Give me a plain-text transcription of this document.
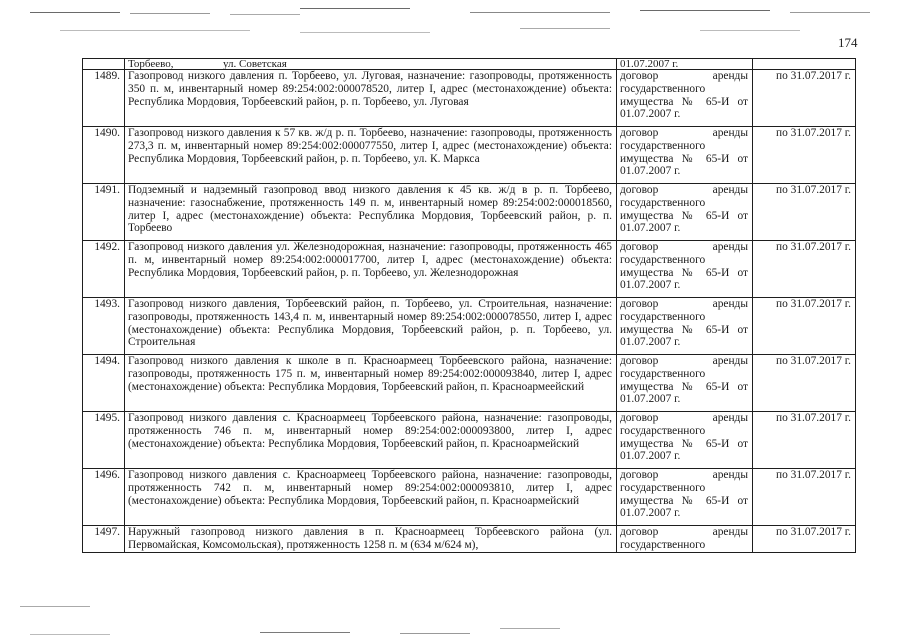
174
	Торбеево,                  ул. Советская	01.07.2007 г.	
1489.	Газопровод низкого давления п. Торбеево, ул. Луговая, назначение: газопроводы, протяженность 350 п. м, инвентарный номер 89:254:002:000078520, литер I, адрес (местонахождение) объекта: Республика Мордовия, Торбеевский район, р. п. Торбеево, ул. Луговая	договор аренды государственного имущества № 65-И от 01.07.2007 г.	по 31.07.2017 г.
1490.	Газопровод низкого давления к 57 кв. ж/д р. п. Торбеево, назначение: газопроводы, протяженность 273,3 п. м, инвентарный номер 89:254:002:000077550, литер I, адрес (местонахождение) объекта: Республика Мордовия, Торбеевский район, р. п. Торбеево, ул. К. Маркса	договор аренды государственного имущества № 65-И от 01.07.2007 г.	по 31.07.2017 г.
1491.	Подземный и надземный газопровод ввод низкого давления к 45 кв. ж/д в р. п. Торбеево, назначение: газоснабжение, протяженность 149 п. м, инвентарный номер 89:254:002:000018560, литер I, адрес (местонахождение) объекта: Республика Мордовия, Торбеевский район, р. п. Торбеево	договор аренды государственного имущества № 65-И от 01.07.2007 г.	по 31.07.2017 г.
1492.	Газопровод низкого давления ул. Железнодорожная, назначение: газопроводы, протяженность 465 п. м, инвентарный номер 89:254:002:000017700, литер I, адрес (местонахождение) объекта: Республика Мордовия, Торбеевский район, р. п. Торбеево, ул. Железнодорожная	договор аренды государственного имущества № 65-И от 01.07.2007 г.	по 31.07.2017 г.
1493.	Газопровод низкого давления, Торбеевский район, п. Торбеево, ул. Строительная, назначение: газопроводы, протяженность 143,4 п. м, инвентарный номер 89:254:002:000078550, литер I, адрес (местонахождение) объекта: Республика Мордовия, Торбеевский район, р. п. Торбеево, ул. Строительная	договор аренды государственного имущества № 65-И от 01.07.2007 г.	по 31.07.2017 г.
1494.	Газопровод низкого давления к школе в п. Красноармеец Торбеевского района, назначение: газопроводы, протяженность 175 п. м, инвентарный номер 89:254:002:000093840, литер I, адрес (местонахождение) объекта: Республика Мордовия, Торбеевский район, п. Красноармеейский	договор аренды государственного имущества № 65-И от 01.07.2007 г.	по 31.07.2017 г.
1495.	Газопровод низкого давления с. Красноармеец Торбеевского района, назначение: газопроводы, протяженность 746 п. м, инвентарный номер 89:254:002:000093800, литер I, адрес (местонахождение) объекта: Республика Мордовия, Торбеевский район, п. Красноармейский	договор аренды государственного имущества № 65-И от 01.07.2007 г.	по 31.07.2017 г.
1496.	Газопровод низкого давления с. Красноармеец Торбеевского района, назначение: газопроводы, протяженность 742 п. м, инвентарный номер 89:254:002:000093810, литер I, адрес (местонахождение) объекта: Республика Мордовия, Торбеевский район, п. Красноармейский	договор аренды государственного имущества № 65-И от 01.07.2007 г.	по 31.07.2017 г.
1497.	Наружный газопровод низкого давления в п. Красноармеец Торбеевского района (ул. Первомайская, Комсомольская), протяженность 1258 п. м (634 м/624 м),	договор аренды государственного	по 31.07.2017 г.
